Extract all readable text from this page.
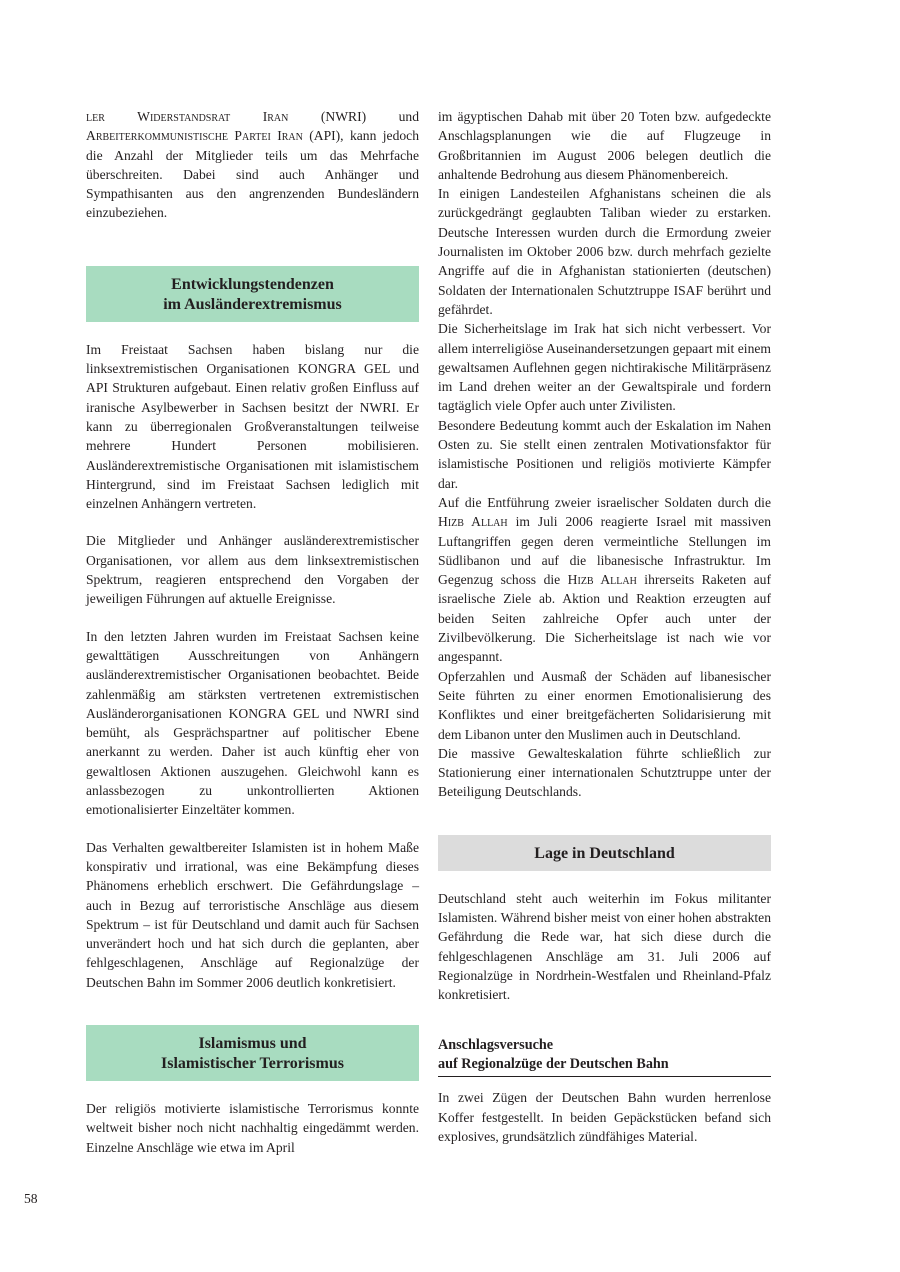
ler Widerstandsrat Iran (NWRI) und Arbeiterkommunistische Partei Iran (API), kann jedoch die Anzahl der Mitglieder teils um das Mehrfache überschreiten. Dabei sind auch Anhänger und Sympathisanten aus den angrenzenden Bundesländern einzubeziehen.

Entwicklungstendenzen
im Ausländerextremismus

Im Freistaat Sachsen haben bislang nur die linksextremistischen Organisationen KONGRA GEL und API Strukturen aufgebaut. Einen relativ großen Einfluss auf iranische Asylbewerber in Sachsen besitzt der NWRI. Er kann zu überregionalen Großveranstaltungen teilweise mehrere Hundert Personen mobilisieren. Ausländerextremistische Organisationen mit islamistischem Hintergrund, sind im Freistaat Sachsen lediglich mit einzelnen Anhängern vertreten.

Die Mitglieder und Anhänger ausländerextremistischer Organisationen, vor allem aus dem linksextremistischen Spektrum, reagieren entsprechend den Vorgaben der jeweiligen Führungen auf aktuelle Ereignisse.

In den letzten Jahren wurden im Freistaat Sachsen keine gewalttätigen Ausschreitungen von Anhängern ausländerextremistischer Organisationen beobachtet. Beide zahlenmäßig am stärksten vertretenen extremistischen Ausländerorganisationen KONGRA GEL und NWRI sind bemüht, als Gesprächspartner auf politischer Ebene anerkannt zu werden. Daher ist auch künftig eher von gewaltlosen Aktionen auszugehen. Gleichwohl kann es anlassbezogen zu unkontrollierten Aktionen emotionalisierter Einzeltäter kommen.

Das Verhalten gewaltbereiter Islamisten ist in hohem Maße konspirativ und irrational, was eine Bekämpfung dieses Phänomens erheblich erschwert. Die Gefährdungslage – auch in Bezug auf terroristische Anschläge aus diesem Spektrum – ist für Deutschland und damit auch für Sachsen unverändert hoch und hat sich durch die geplanten, aber fehlgeschlagenen, Anschläge auf Regionalzüge der Deutschen Bahn im Sommer 2006 deutlich konkretisiert.

Islamismus und
Islamistischer Terrorismus

Der religiös motivierte islamistische Terrorismus konnte weltweit bisher noch nicht nachhaltig eingedämmt werden. Einzelne Anschläge wie etwa im April

im ägyptischen Dahab mit über 20 Toten bzw. aufgedeckte Anschlagsplanungen wie die auf Flugzeuge in Großbritannien im August 2006 belegen deutlich die anhaltende Bedrohung aus diesem Phänomenbereich.

In einigen Landesteilen Afghanistans scheinen die als zurückgedrängt geglaubten Taliban wieder zu erstarken. Deutsche Interessen wurden durch die Ermordung zweier Journalisten im Oktober 2006 bzw. durch mehrfach gezielte Angriffe auf die in Afghanistan stationierten (deutschen) Soldaten der Internationalen Schutztruppe ISAF berührt und gefährdet.

Die Sicherheitslage im Irak hat sich nicht verbessert. Vor allem interreligiöse Auseinandersetzungen gepaart mit einem gewaltsamen Auflehnen gegen nichtirakische Militärpräsenz im Land drehen weiter an der Gewaltspirale und fordern tagtäglich viele Opfer auch unter Zivilisten.

Besondere Bedeutung kommt auch der Eskalation im Nahen Osten zu. Sie stellt einen zentralen Motivationsfaktor für islamistische Positionen und religiös motivierte Kämpfer dar.

Auf die Entführung zweier israelischer Soldaten durch die Hizb Allah im Juli 2006 reagierte Israel mit massiven Luftangriffen gegen deren vermeintliche Stellungen im Südlibanon und auf die libanesische Infrastruktur. Im Gegenzug schoss die Hizb Allah ihrerseits Raketen auf israelische Ziele ab. Aktion und Reaktion erzeugten auf beiden Seiten zahlreiche Opfer auch unter der Zivilbevölkerung. Die Sicherheitslage ist nach wie vor angespannt.

Opferzahlen und Ausmaß der Schäden auf libanesischer Seite führten zu einer enormen Emotionalisierung des Konfliktes und einer breitgefächerten Solidarisierung mit dem Libanon unter den Muslimen auch in Deutschland.

Die massive Gewalteskalation führte schließlich zur Stationierung einer internationalen Schutztruppe unter der Beteiligung Deutschlands.

Lage in Deutschland

Deutschland steht auch weiterhin im Fokus militanter Islamisten. Während bisher meist von einer hohen abstrakten Gefährdung die Rede war, hat sich diese durch die fehlgeschlagenen Anschläge am 31. Juli 2006 auf Regionalzüge in Nordrhein-Westfalen und Rheinland-Pfalz konkretisiert.

Anschlagsversuche
auf Regionalzüge der Deutschen Bahn

In zwei Zügen der Deutschen Bahn wurden herrenlose Koffer festgestellt. In beiden Gepäckstücken befand sich explosives, grundsätzlich zündfähiges Material.

58
